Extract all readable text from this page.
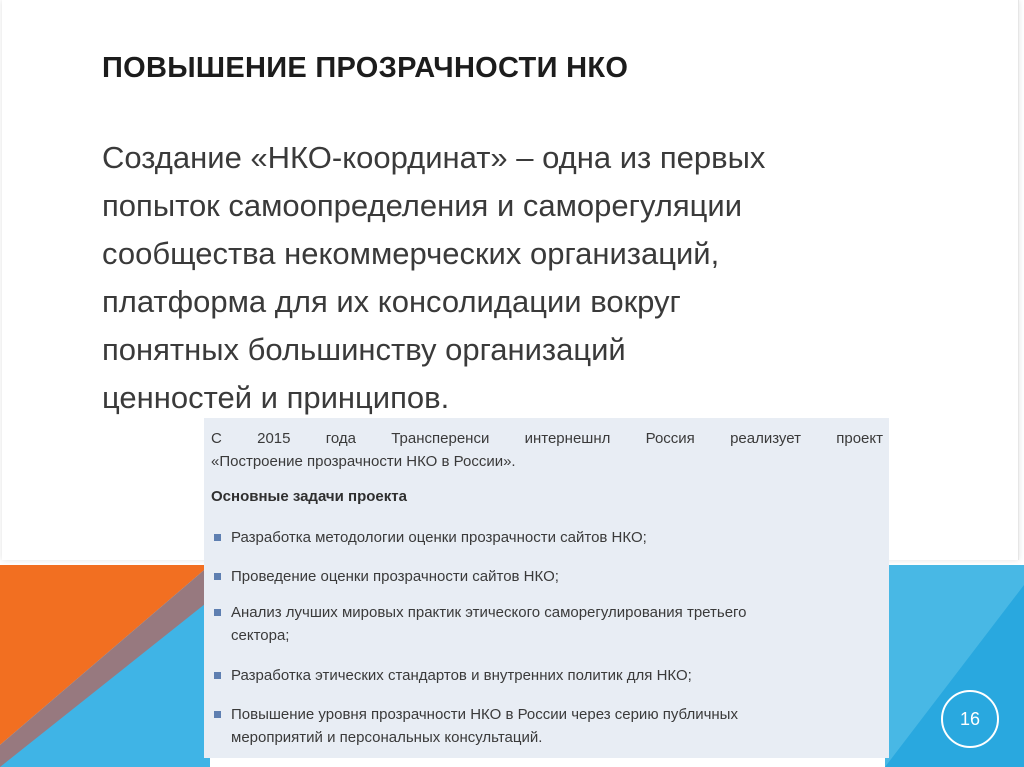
ПОВЫШЕНИЕ ПРОЗРАЧНОСТИ НКО
Создание «НКО-координат» – одна из первых
попыток самоопределения и саморегуляции
сообщества некоммерческих организаций,
платформа для их консолидации вокруг
понятных большинству организаций
ценностей и принципов.
С 2015 года Трансперенси интернешнл Россия реализует проект
«Построение прозрачности НКО в России».
Основные задачи проекта
Разработка методологии оценки прозрачности сайтов НКО;
Проведение оценки прозрачности сайтов НКО;
Анализ лучших мировых практик этического саморегулирования третьего
сектора;
Разработка этических стандартов и внутренних политик для НКО;
Повышение уровня прозрачности НКО в России через серию публичных
мероприятий и персональных консультаций.
16
